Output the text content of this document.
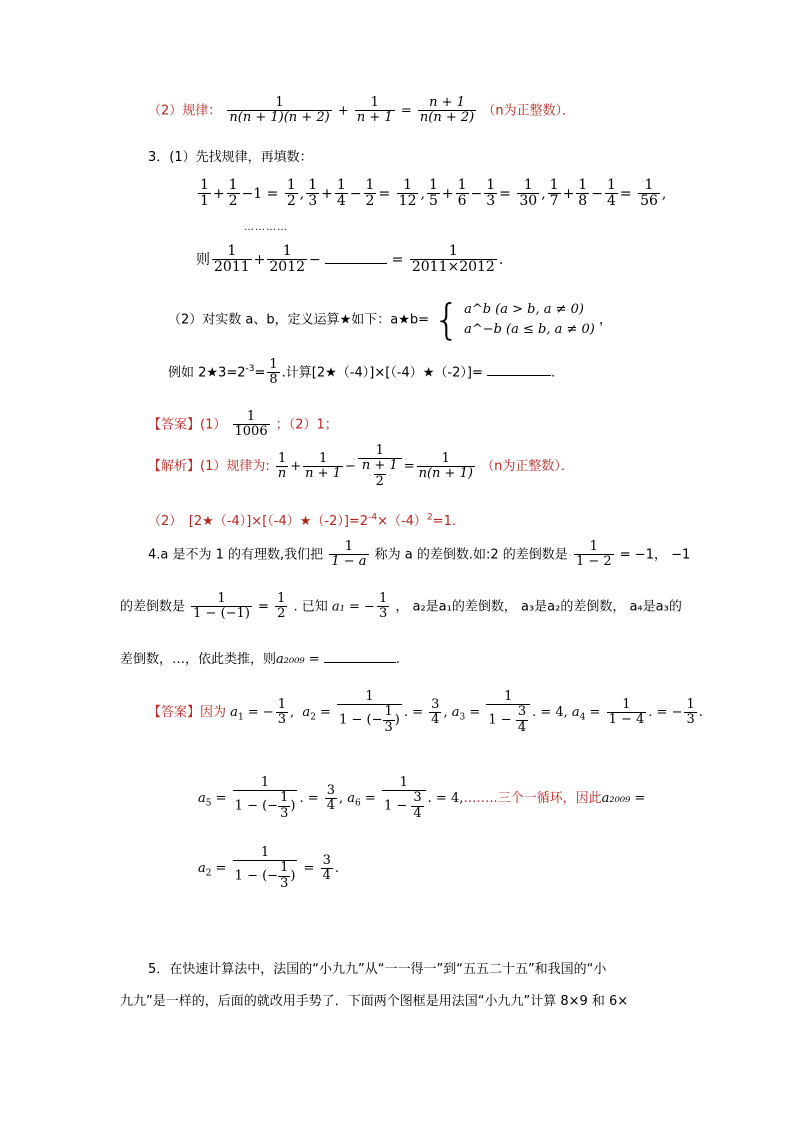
（2）规律： $\frac{1}{n(n + 1)(n + 2)} + \frac{1}{n + 1} = \frac{n + 1}{n(n + 2)} (n$为正整数）．
3．(1）先找规律，再填数：
$\frac{1}{1} + \frac{1}{2} -1 = \frac{1}{2}$ , $\frac{1}{3} + \frac{1}{4} - \frac{1}{2} = \frac{1}{12}$ , $\frac{1}{5} + \frac{1}{6} - \frac{1}{3} = \frac{1}{30}$ , $\frac{1}{7} + \frac{1}{8} - \frac{1}{4} = \frac{1}{56}$ ,
…………
则 $\frac{1}{2011} + \frac{1}{2012}$ −	= $\frac{1}{2011\times 2012}$ .
（2）对实数 a、b，定义运算★如下：a★b= { a^b (a > b, a ≠ 0)
a^−b (a ≤ b, a ≠ 0)
，
例如 $2★3=2^{-3}= \frac{1}{8}$ .计算[2★（-4）]×[（-4）★（-2）]=	.
【答案】$(1) \frac{1}{1006}$ ；（2）1；
【解析】(1）规律为: $\frac{1}{n} + \frac{1}{n + 1} - \frac{1}{\frac{n + 1}{2}} = \frac{1}{n(n + 1)} (n$为正整数）．
（2）　$[2★(-4)]\times[(-4)★(-2)]=2^{-4}\times(-4)^2=1$.
4.a 是不为 1 的有理数,我们把 $\frac{1}{1 - a}$ 称为 a 的差倒数.如:2 的差倒数是 $\frac{1}{1 - 2} = -1$， −1
的差倒数是 $\frac{1}{1 - (-1)} = \frac{1}{2}$ . 已知 a₁ = − $\frac{1}{3}$ ， a₂是a₁的差倒数， a₃是a₂的差倒数， a₄是a₃的
差倒数，…，依此类推，则a₂₀₀₉ =	.
【答案】因为 $a_1$ = − $\frac{1}{3}$ ,  $a_2 = \frac{1}{1 - (- \frac{1}{3} )}$ . = $\frac{3}{4}$ , $a_3 = \frac{1}{1 - \frac{3}{4}}$ . = 4, $a_4 = \frac{1}{1 - 4}$ . = − $\frac{1}{3}$ .
$a_5 = \frac{1}{1 - (- \frac{1}{3} )}$ . = $\frac{3}{4}$ , $a_6 = \frac{1}{1 - \frac{3}{4}}$ . = 4,……..三个一循环，因此a₂₀₀₉ =
$a_2 = \frac{1}{1 - (- \frac{1}{3} )} = \frac{3}{4}$ .
5．在快速计算法中，法国的“小九九”从“一一得一”到“五五二十五”和我国的“小
九九”是一样的，后面的就改用手势了．下面两个图框是用法国“小九九”计算 8×9 和 6×
